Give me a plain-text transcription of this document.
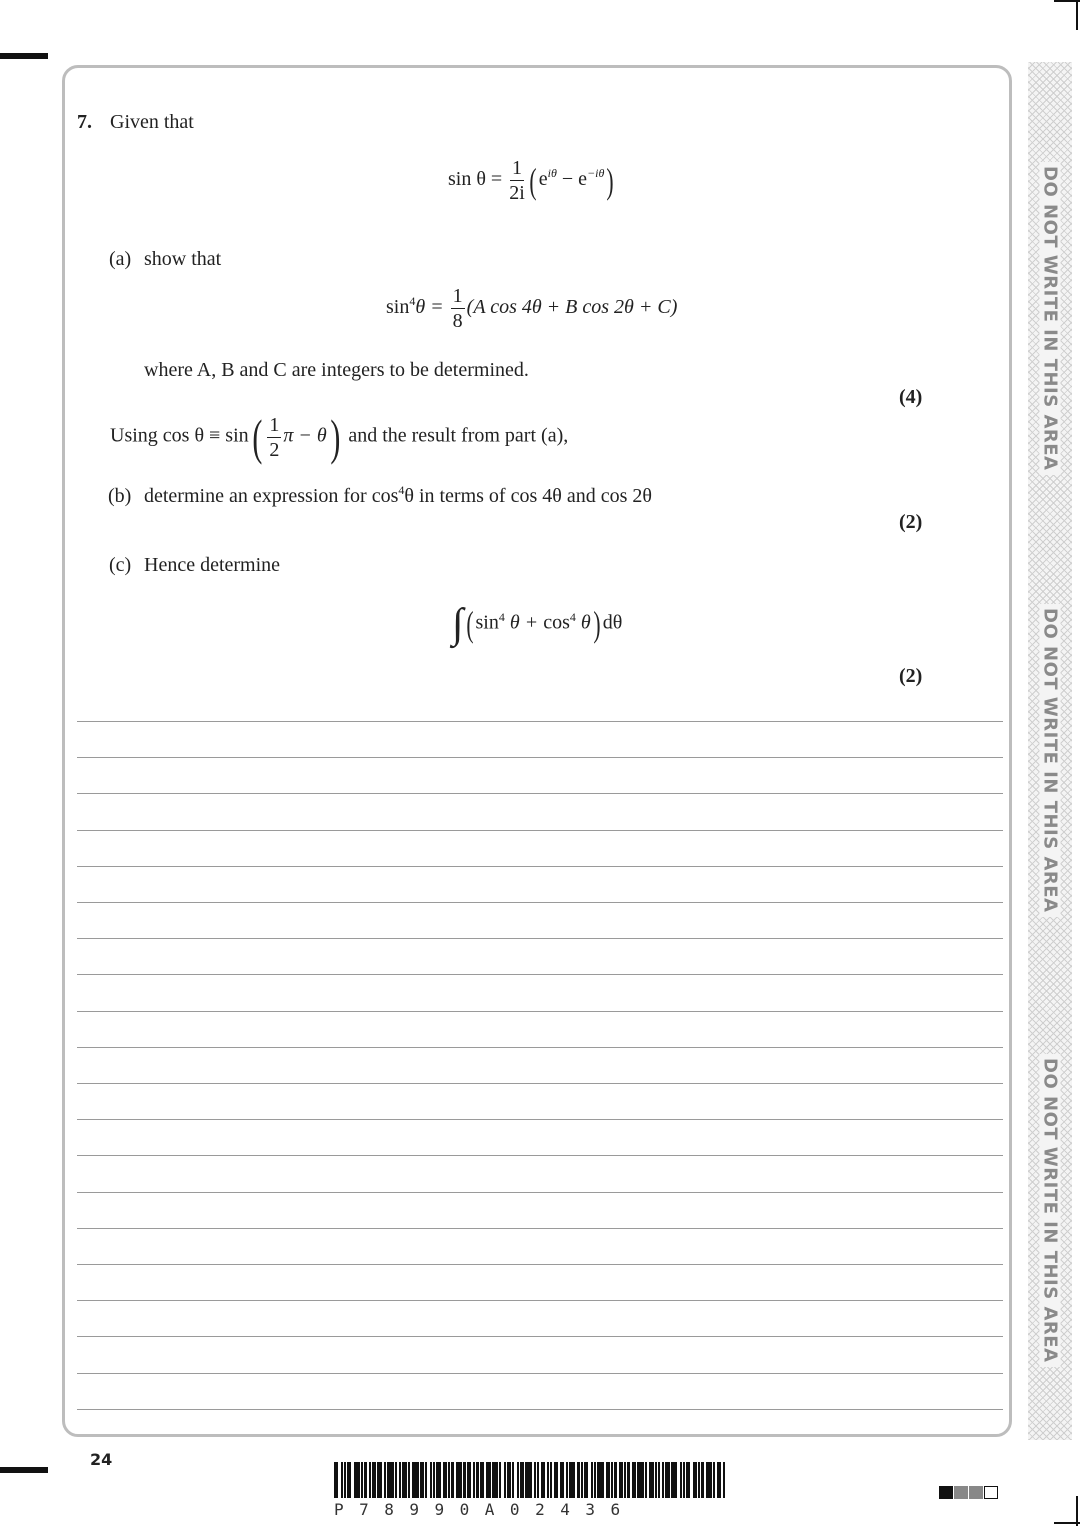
DO NOT WRITE IN THIS AREA
DO NOT WRITE IN THIS AREA
DO NOT WRITE IN THIS AREA
7. Given that
$\sin \theta = \frac{1}{2i}$ ( $e^{i\theta} - e^{-i\theta}$)
(a) show that
$\sin^4\theta = \frac{1}{8} (A$ cos 4θ + B cos 2θ + C)
where A, B and C are integers to be determined.
(4)
Using $\cos \theta \equiv \sin( \frac{1}{2}$ π − θ) and the result from part (a),
(b) determine an expression for $\cos^4\theta$ in terms of cos 4θ and cos 2θ
(2)
(c) Hence determine
∫( $\sin^4 \theta + \cos^4 \theta$) dθ
(2)
24
P78990A02436
